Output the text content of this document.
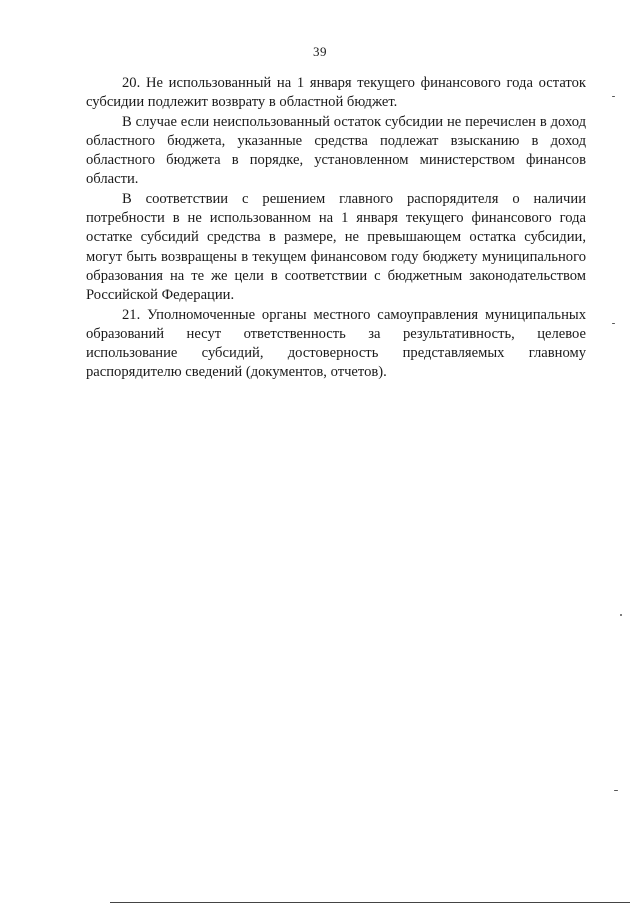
39

20. Не использованный на 1 января текущего финансового года остаток субсидии подлежит возврату в областной бюджет.

В случае если неиспользованный остаток субсидии не перечислен в доход областного бюджета, указанные средства подлежат взысканию в доход областного бюджета в порядке, установленном министерством финансов области.

В соответствии с решением главного распорядителя о наличии потребности в не использованном на 1 января текущего финансового года остатке субсидий средства в размере, не превышающем остатка субсидии, могут быть возвращены в текущем финансовом году бюджету муниципального образования на те же цели в соответствии с бюджетным законодательством Российской Федерации.

21. Уполномоченные органы местного самоуправления муниципальных образований несут ответственность за результативность, целевое использование субсидий, достоверность представляемых главному распорядителю сведений (документов, отчетов).
